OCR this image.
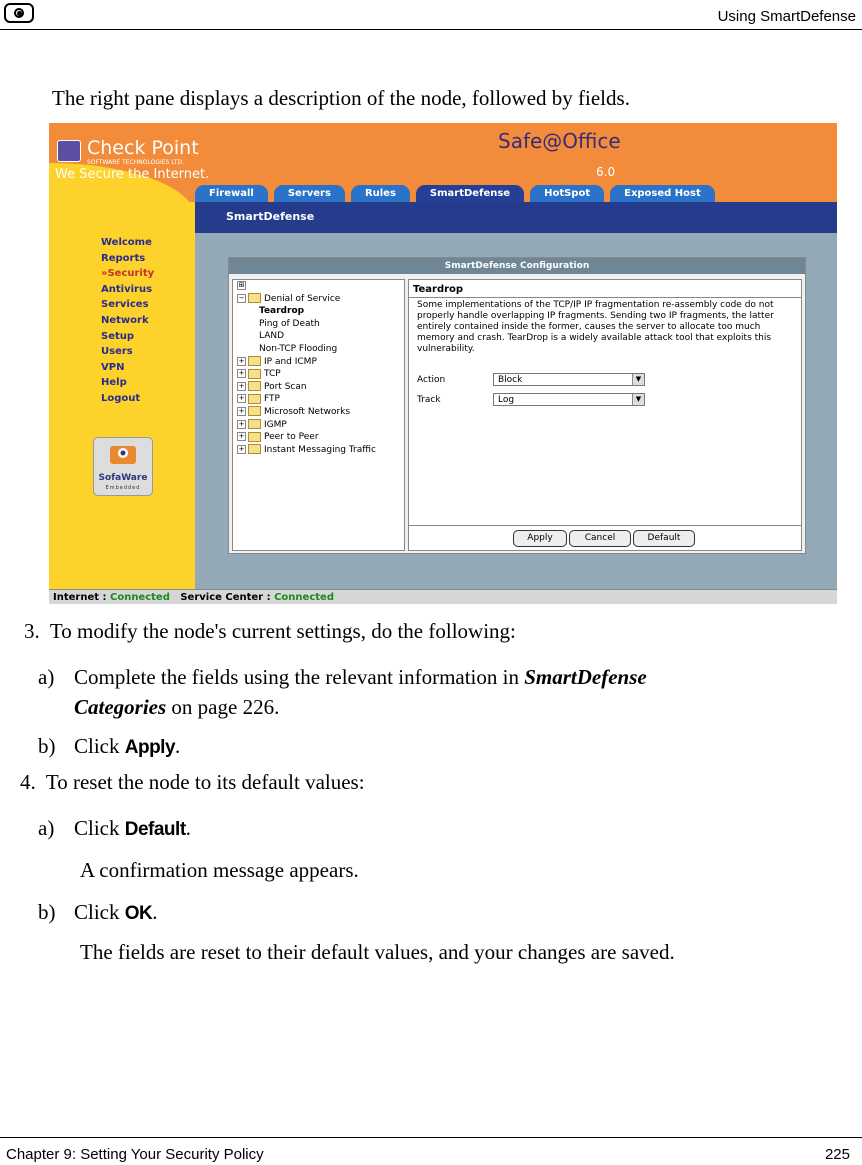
Using SmartDefense
The right pane displays a description of the node, followed by fields.
Check Point
SOFTWARE TECHNOLOGIES LTD.
We Secure the Internet.
Safe@Office
6.0
Firewall	Servers	Rules	SmartDefense	HotSpot	Exposed Host
SmartDefense
Welcome
Reports
»Security
Antivirus
Services
Network
Setup
Users
VPN
Help
Logout
SofaWare
Embedded
SmartDefense Configuration
⊞
− Denial of Service
Teardrop
Ping of Death
LAND
Non-TCP Flooding
+ IP and ICMP
+ TCP
+ Port Scan
+ FTP
+ Microsoft Networks
+ IGMP
+ Peer to Peer
+ Instant Messaging Traffic
Teardrop
Some implementations of the TCP/IP IP fragmentation re-assembly code do not properly handle overlapping IP fragments. Sending two IP fragments, the latter entirely contained inside the former, causes the server to allocate too much memory and crash. TearDrop is a widely available attack tool that exploits this vulnerability.
Action	Block	▼
Track	Log	▼
Apply	Cancel	Default
Internet : Connected Service Center : Connected
3. To modify the node's current settings, do the following:
a) Complete the fields using the relevant information in SmartDefense
Categories on page 226.
b) Click Apply.
4. To reset the node to its default values:
a) Click Default.
A confirmation message appears.
b) Click OK.
The fields are reset to their default values, and your changes are saved.
Chapter 9: Setting Your Security Policy	225
